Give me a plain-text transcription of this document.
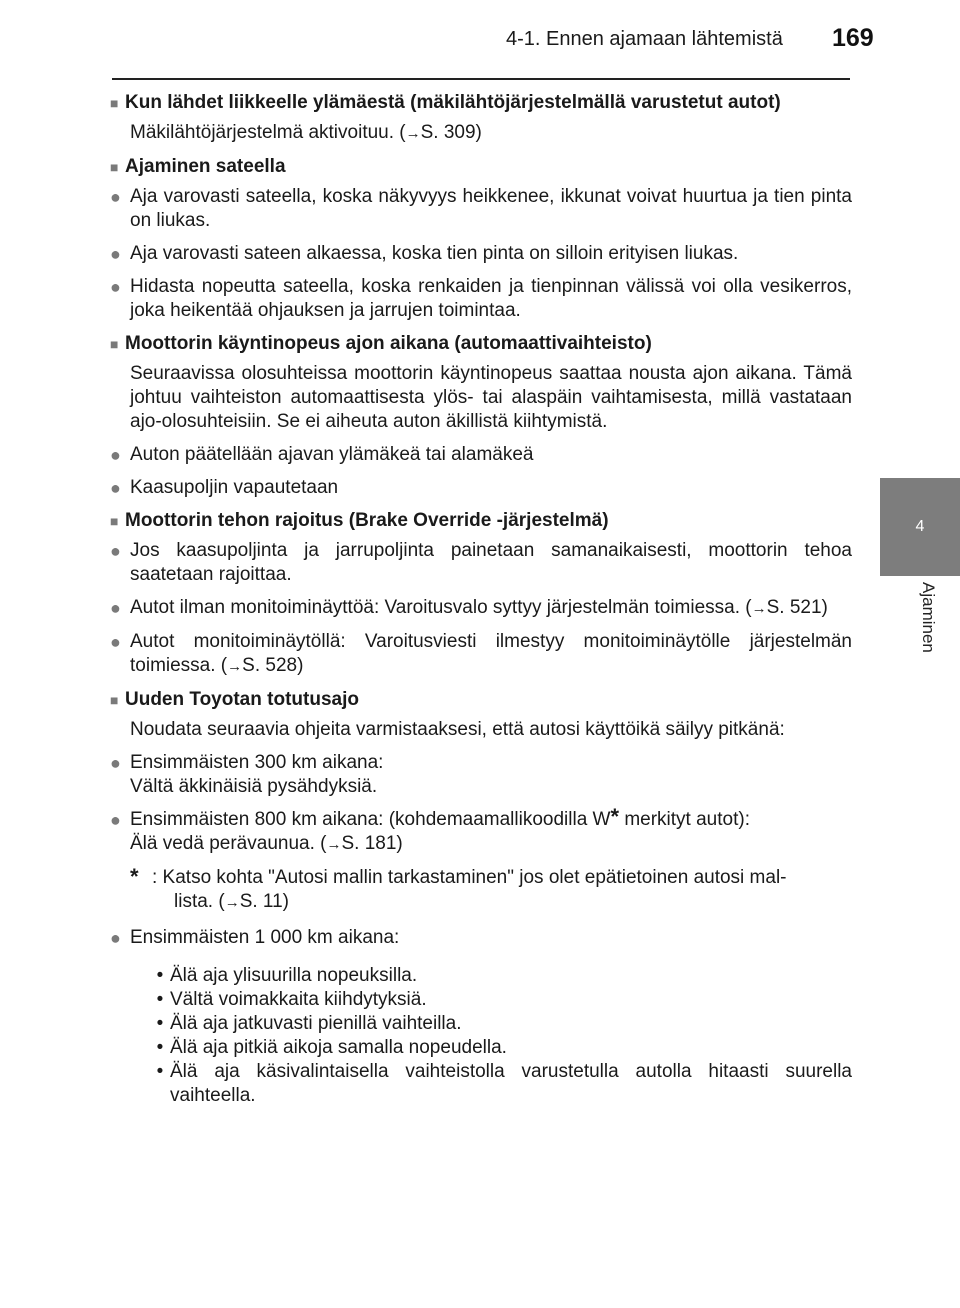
4-1. Ennen ajamaan lähtemistä 169
4
Ajaminen
■ Kun lähdet liikkeelle ylämäestä (mäkilähtöjärjestelmällä varustetut autot)
Mäkilähtöjärjestelmä aktivoituu. (→S. 309)
■ Ajaminen sateella
● Aja varovasti sateella, koska näkyvyys heikkenee, ikkunat voivat huurtua ja tien pinta on liukas.
● Aja varovasti sateen alkaessa, koska tien pinta on silloin erityisen liukas.
● Hidasta nopeutta sateella, koska renkaiden ja tienpinnan välissä voi olla vesikerros, joka heikentää ohjauksen ja jarrujen toimintaa.
■ Moottorin käyntinopeus ajon aikana (automaattivaihteisto)
Seuraavissa olosuhteissa moottorin käyntinopeus saattaa nousta ajon aikana. Tämä johtuu vaihteiston automaattisesta ylös- tai alaspäin vaihtamisesta, millä vastataan ajo-olosuhteisiin. Se ei aiheuta auton äkillistä kiihtymistä.
● Auton päätellään ajavan ylämäkeä tai alamäkeä
● Kaasupoljin vapautetaan
■ Moottorin tehon rajoitus (Brake Override -järjestelmä)
● Jos kaasupoljinta ja jarrupoljinta painetaan samanaikaisesti, moottorin tehoa saatetaan rajoittaa.
● Autot ilman monitoiminäyttöä: Varoitusvalo syttyy järjestelmän toimiessa. (→S. 521)
● Autot monitoiminäytöllä: Varoitusviesti ilmestyy monitoiminäytölle järjestelmän toimiessa. (→S. 528)
■ Uuden Toyotan totutusajo
Noudata seuraavia ohjeita varmistaaksesi, että autosi käyttöikä säilyy pitkänä:
● Ensimmäisten 300 km aikana:
Vältä äkkinäisiä pysähdyksiä.
● Ensimmäisten 800 km aikana: (kohdemaamallikoodilla W* merkityt autot):
Älä vedä perävaunua. (→S. 181)
* : Katso kohta "Autosi mallin tarkastaminen" jos olet epätietoinen autosi mal-
lista. (→S. 11)
● Ensimmäisten 1 000 km aikana:
• Älä aja ylisuurilla nopeuksilla.
• Vältä voimakkaita kiihdytyksiä.
• Älä aja jatkuvasti pienillä vaihteilla.
• Älä aja pitkiä aikoja samalla nopeudella.
• Älä aja käsivalintaisella vaihteistolla varustetulla autolla hitaasti suurella vaihteella.
